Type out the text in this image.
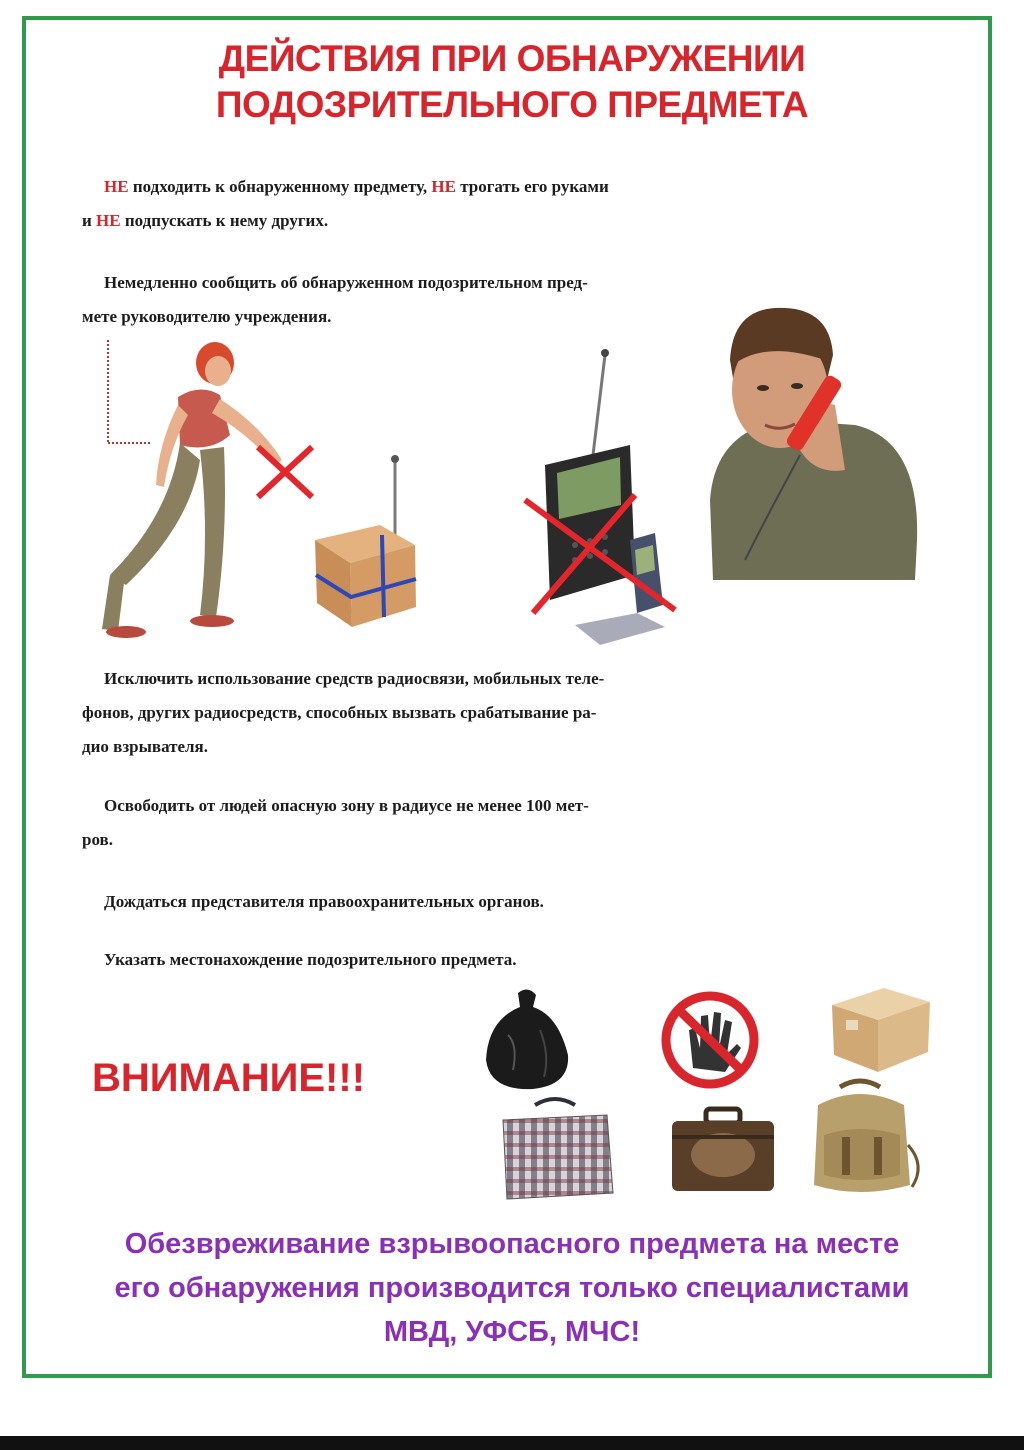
ДЕЙСТВИЯ ПРИ ОБНАРУЖЕНИИ
ПОДОЗРИТЕЛЬНОГО ПРЕДМЕТА
НЕ подходить к обнаруженному предмету, НЕ трогать его руками
и НЕ подпускать к нему других.
Немедленно сообщить об обнаруженном подозрительном пред-
мете руководителю учреждения.
Исключить использование средств радиосвязи, мобильных теле-
фонов, других радиосредств, способных вызвать срабатывание ра-
дио взрывателя.
Освободить от людей опасную зону в радиусе не менее 100 мет-
ров.
Дождаться представителя правоохранительных органов.
Указать местонахождение подозрительного предмета.
ВНИМАНИЕ!!!
Обезвреживание взрывоопасного предмета на месте
его обнаружения производится только специалистами
МВД, УФСБ, МЧС!
